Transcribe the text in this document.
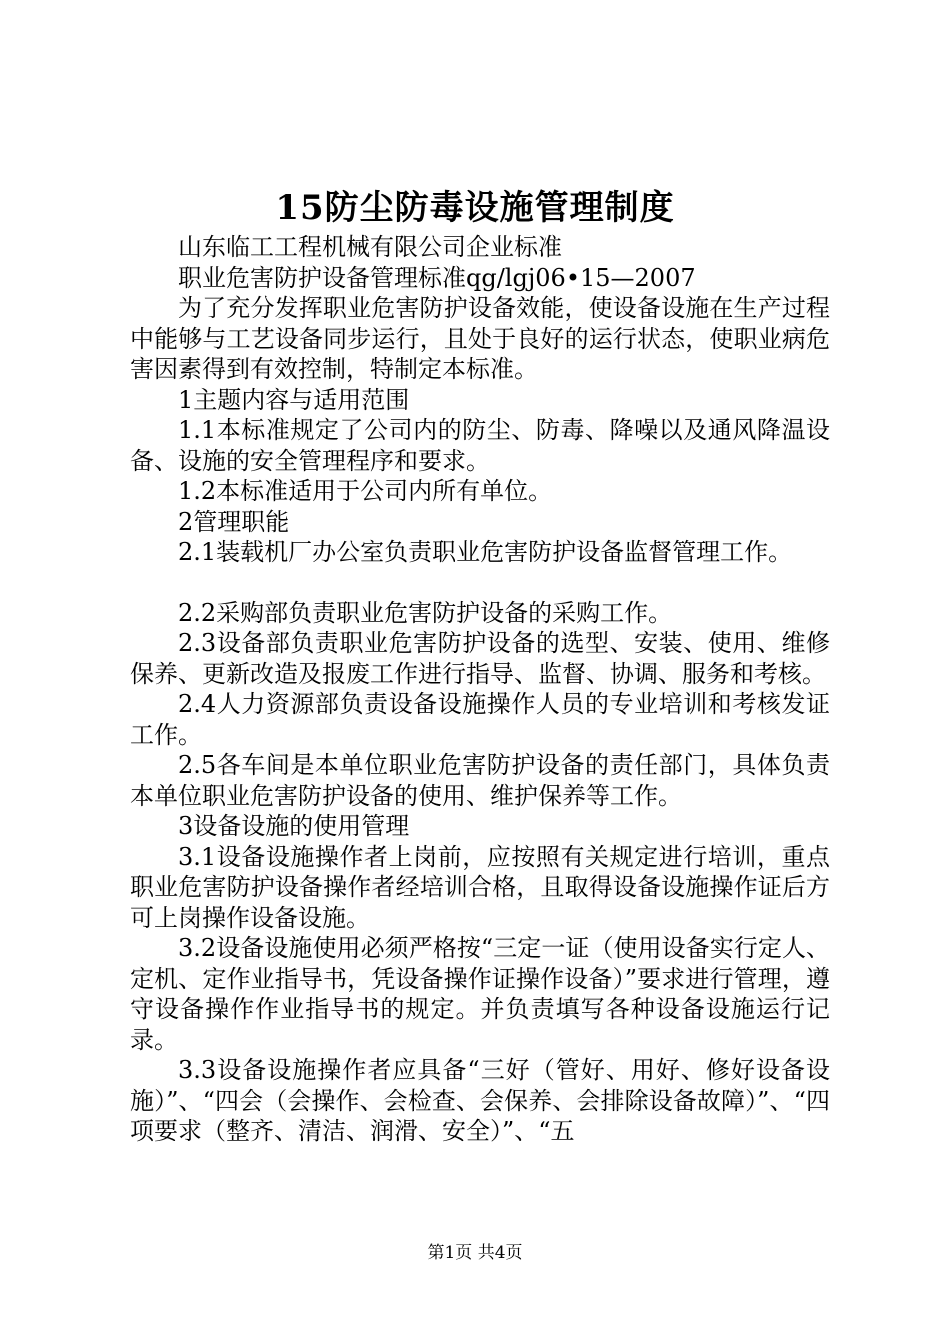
15防尘防毒设施管理制度

山东临工工程机械有限公司企业标准

职业危害防护设备管理标准qg/lgj06•15—2007

为了充分发挥职业危害防护设备效能，使设备设施在生产过程中能够与工艺设备同步运行，且处于良好的运行状态，使职业病危害因素得到有效控制，特制定本标准。

1主题内容与适用范围

1.1本标准规定了公司内的防尘、防毒、降噪以及通风降温设备、设施的安全管理程序和要求。

1.2本标准适用于公司内所有单位。

2管理职能

2.1装载机厂办公室负责职业危害防护设备监督管理工作。

2.2采购部负责职业危害防护设备的采购工作。

2.3设备部负责职业危害防护设备的选型、安装、使用、维修保养、更新改造及报废工作进行指导、监督、协调、服务和考核。

2.4人力资源部负责设备设施操作人员的专业培训和考核发证工作。

2.5各车间是本单位职业危害防护设备的责任部门，具体负责本单位职业危害防护设备的使用、维护保养等工作。

3设备设施的使用管理

3.1设备设施操作者上岗前，应按照有关规定进行培训，重点职业危害防护设备操作者经培训合格，且取得设备设施操作证后方可上岗操作设备设施。

3.2设备设施使用必须严格按“三定一证（使用设备实行定人、定机、定作业指导书，凭设备操作证操作设备）”要求进行管理，遵守设备操作作业指导书的规定。并负责填写各种设备设施运行记录。

3.3设备设施操作者应具备“三好（管好、用好、修好设备设施）”、“四会（会操作、会检查、会保养、会排除设备故障）”、“四项要求（整齐、清洁、润滑、安全）”、“五

第1页 共4页
